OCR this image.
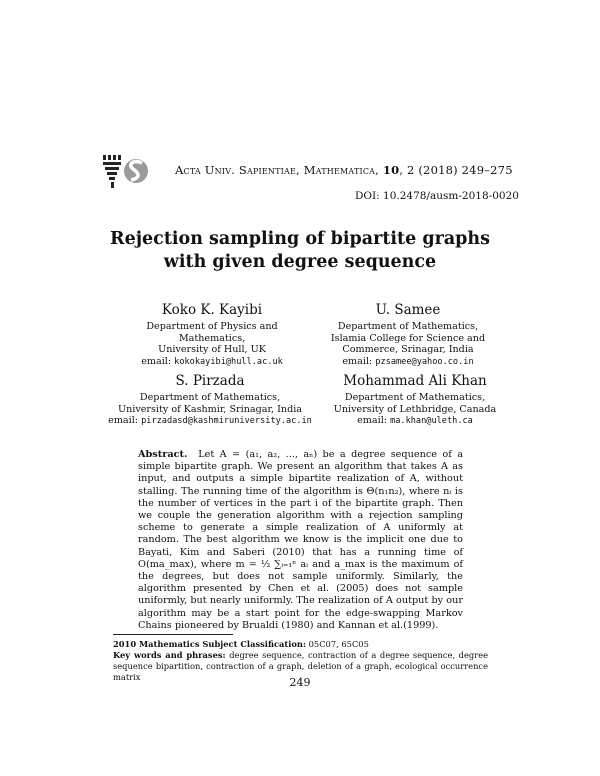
Acta Univ. Sapientiae, Mathematica, 10, 2 (2018) 249–275
DOI: 10.2478/ausm-2018-0020
Rejection sampling of bipartite graphs
with given degree sequence
Koko K. Kayibi
Department of Physics and Mathematics,
University of Hull, UK
email: kokokayibi@hull.ac.uk
U. Samee
Department of Mathematics,
Islamia College for Science and
Commerce, Srinagar, India
email: pzsamee@yahoo.co.in
S. Pirzada
Department of Mathematics,
University of Kashmir, Srinagar, India
email: pirzadasd@kashmiruniversity.ac.in
Mohammad Ali Khan
Department of Mathematics,
University of Lethbridge, Canada
email: ma.khan@uleth.ca
Abstract. Let A = (a₁, a₂, ..., aₙ) be a degree sequence of a simple bipartite graph. We present an algorithm that takes A as input, and outputs a simple bipartite realization of A, without stalling. The running time of the algorithm is Θ(n₁n₂), where nᵢ is the number of vertices in the part i of the bipartite graph. Then we couple the generation algorithm with a rejection sampling scheme to generate a simple realization of A uniformly at random. The best algorithm we know is the implicit one due to Bayati, Kim and Saberi (2010) that has a running time of O(ma_max), where m = ½ ∑ᵢ₌₁ⁿ aᵢ and a_max is the maximum of the degrees, but does not sample uniformly. Similarly, the algorithm presented by Chen et al. (2005) does not sample uniformly, but nearly uniformly. The realization of A output by our algorithm may be a start point for the edge-swapping Markov Chains pioneered by Brualdi (1980) and Kannan et al.(1999).
2010 Mathematics Subject Classification: 05C07, 65C05
Key words and phrases: degree sequence, contraction of a degree sequence, degree sequence bipartition, contraction of a graph, deletion of a graph, ecological occurrence matrix	249
